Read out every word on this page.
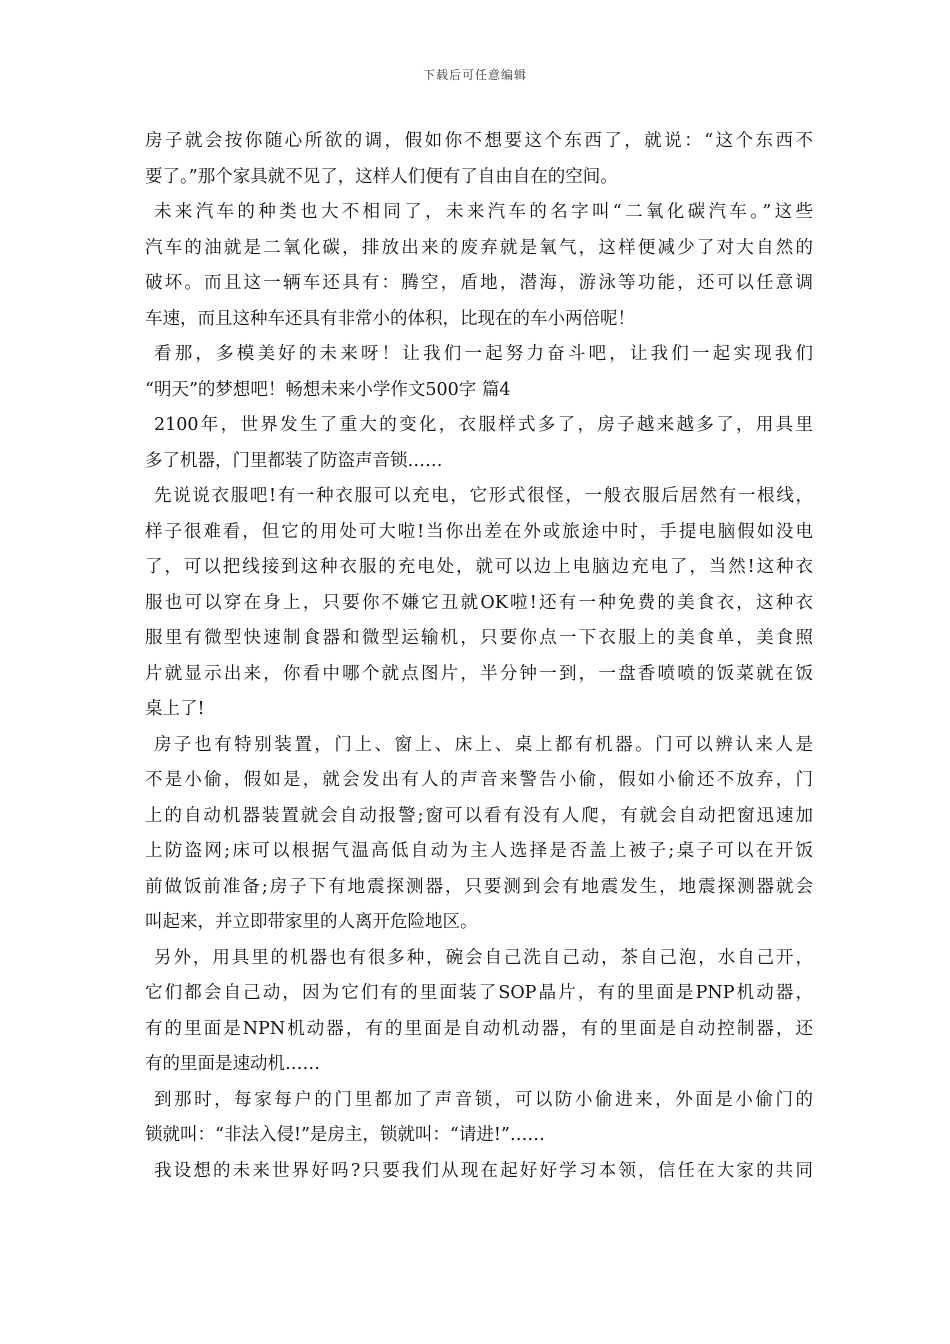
下载后可任意编辑
房子就会按你随心所欲的调，假如你不想要这个东西了，就说：“这个东西不
要了。”那个家具就不见了，这样人们便有了自由自在的空间。
未来汽车的种类也大不相同了，未来汽车的名字叫“二氧化碳汽车。”这些
汽车的油就是二氧化碳，排放出来的废弃就是氧气，这样便减少了对大自然的
破坏。而且这一辆车还具有：腾空，盾地，潜海，游泳等功能，还可以任意调
车速，而且这种车还具有非常小的体积，比现在的车小两倍呢！
看那，多模美好的未来呀！让我们一起努力奋斗吧，让我们一起实现我们
“明天”的梦想吧！畅想未来小学作文500字 篇4
2100年，世界发生了重大的变化，衣服样式多了，房子越来越多了，用具里
多了机器，门里都装了防盗声音锁……
先说说衣服吧!有一种衣服可以充电，它形式很怪，一般衣服后居然有一根线，
样子很难看，但它的用处可大啦!当你出差在外或旅途中时，手提电脑假如没电
了，可以把线接到这种衣服的充电处，就可以边上电脑边充电了，当然!这种衣
服也可以穿在身上，只要你不嫌它丑就OK啦!还有一种免费的美食衣，这种衣
服里有微型快速制食器和微型运输机，只要你点一下衣服上的美食单，美食照
片就显示出来，你看中哪个就点图片，半分钟一到，一盘香喷喷的饭菜就在饭
桌上了!
房子也有特别装置，门上、窗上、床上、桌上都有机器。门可以辨认来人是
不是小偷，假如是，就会发出有人的声音来警告小偷，假如小偷还不放弃，门
上的自动机器装置就会自动报警;窗可以看有没有人爬，有就会自动把窗迅速加
上防盗网;床可以根据气温高低自动为主人选择是否盖上被子;桌子可以在开饭
前做饭前准备;房子下有地震探测器，只要测到会有地震发生，地震探测器就会
叫起来，并立即带家里的人离开危险地区。
另外，用具里的机器也有很多种，碗会自己洗自己动，茶自己泡，水自己开，
它们都会自己动，因为它们有的里面装了SOP晶片，有的里面是PNP机动器，
有的里面是NPN机动器，有的里面是自动机动器，有的里面是自动控制器，还
有的里面是速动机……
到那时，每家每户的门里都加了声音锁，可以防小偷进来，外面是小偷门的
锁就叫：“非法入侵!”是房主，锁就叫：“请进!”……
我设想的未来世界好吗?只要我们从现在起好好学习本领，信任在大家的共同
